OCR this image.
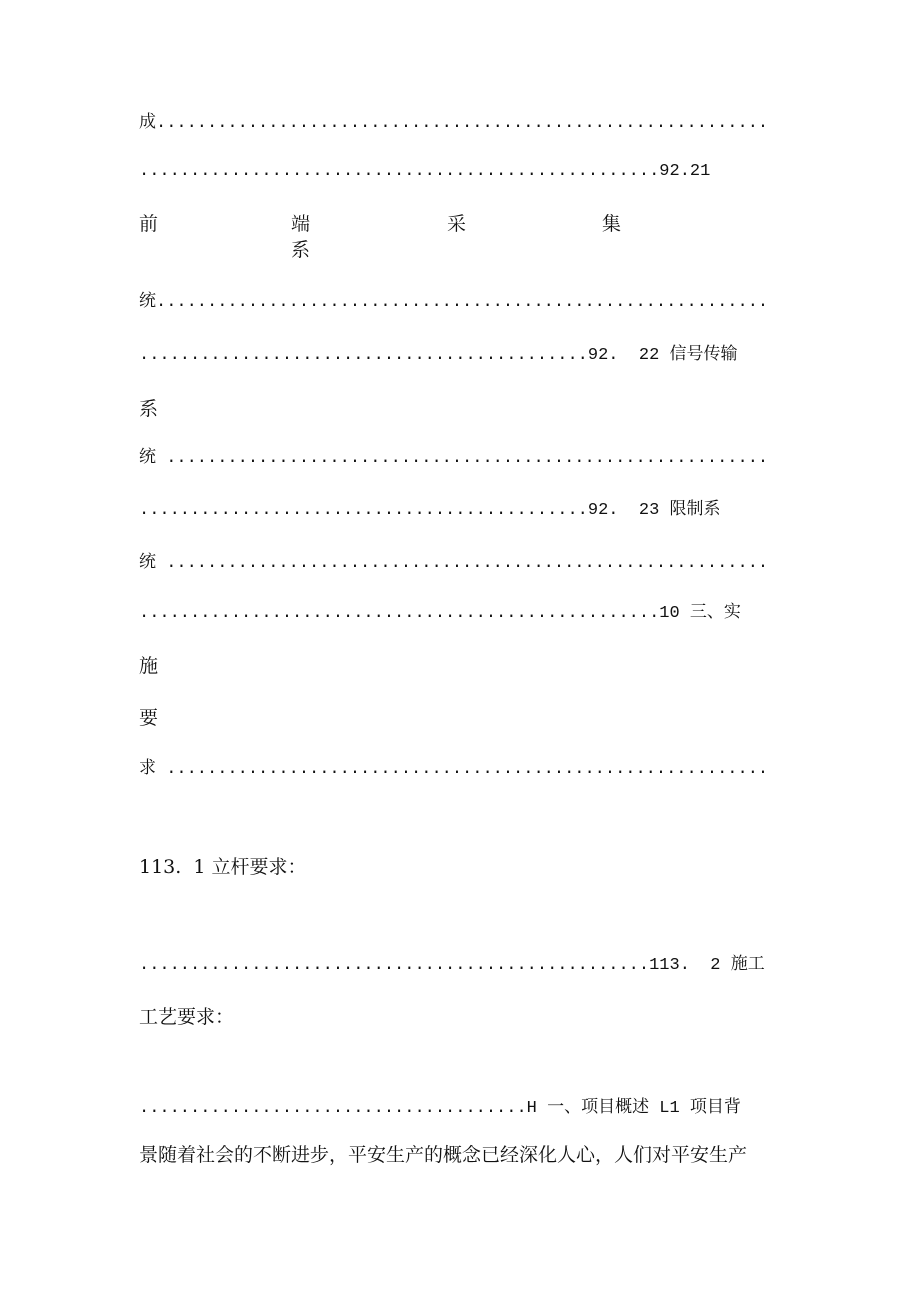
成............................................................
...................................................92.21
前	端	采	集
系
统............................................................
............................................92.  22 信号传输
系
统 ...........................................................
............................................92.  23 限制系
统 ...........................................................
...................................................10 三、实
施
要
求 ...........................................................
113.  1 立杆要求：
..................................................113.  2 施工
工艺要求：
......................................H 一、项目概述 L1 项目背
景随着社会的不断进步，平安生产的概念已经深化人心，人们对平安生产
